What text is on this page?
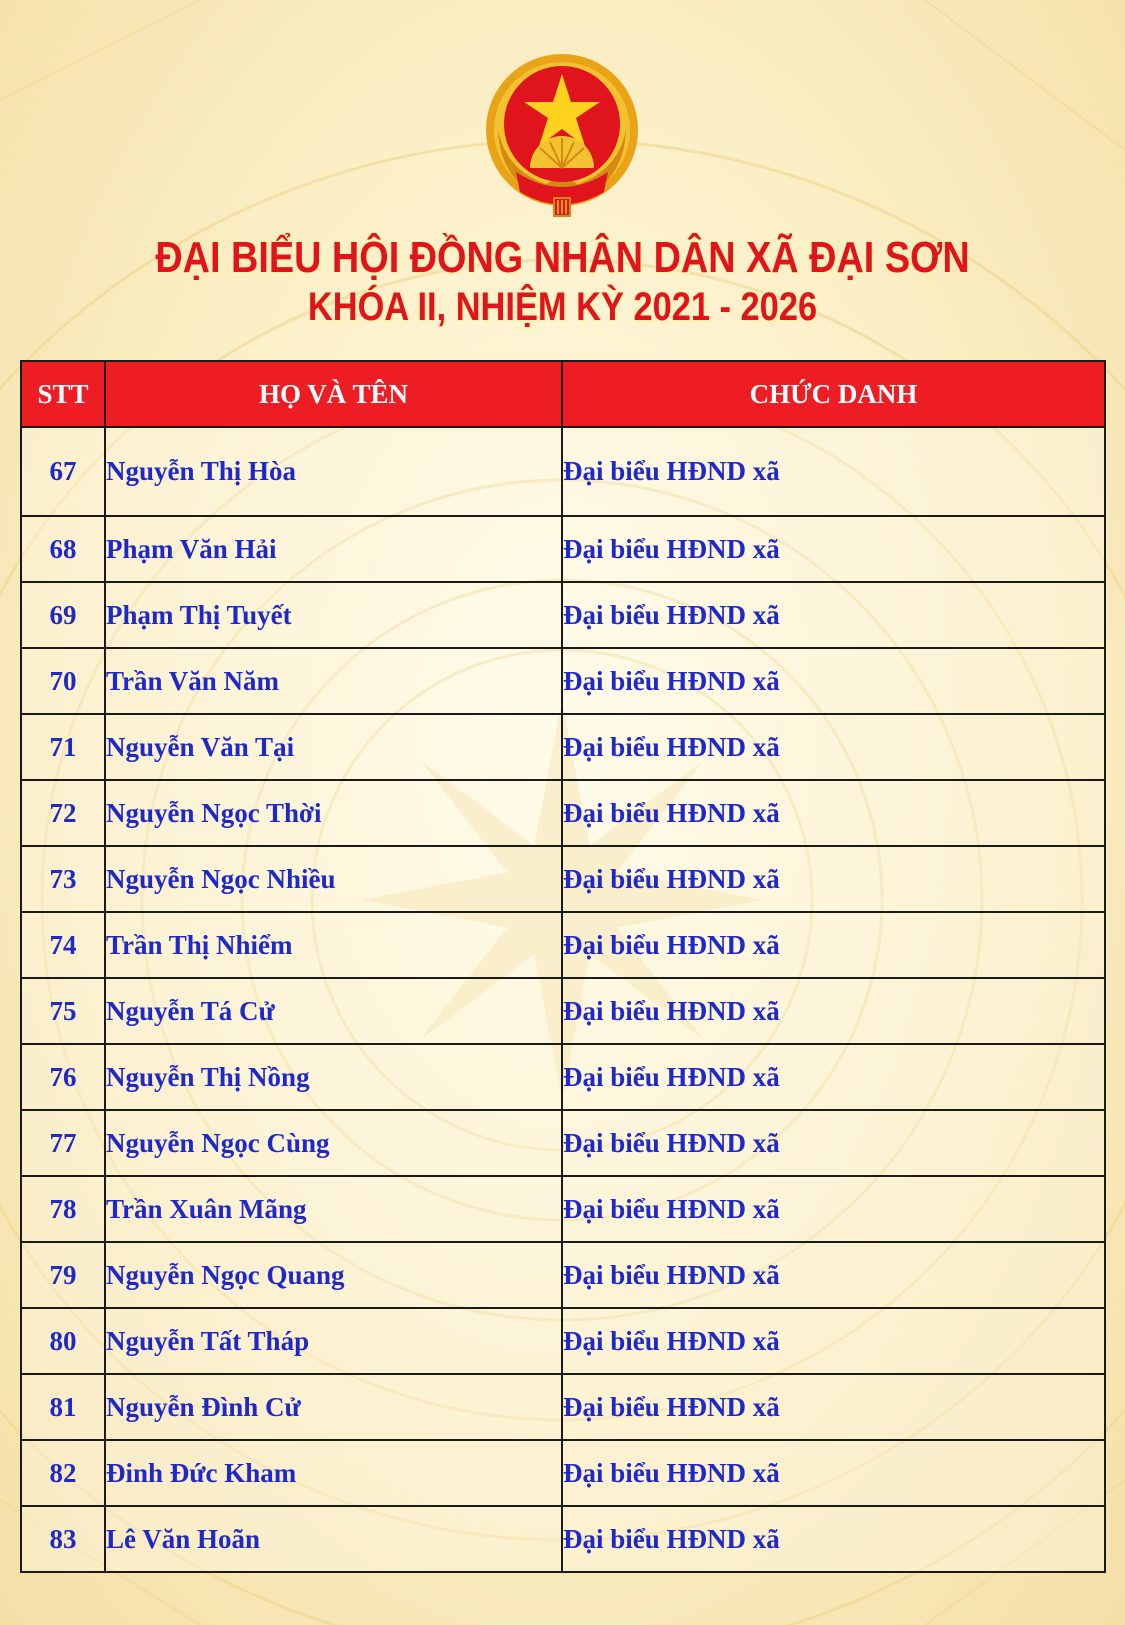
ĐẠI BIỂU HỘI ĐỒNG NHÂN DÂN XÃ ĐẠI SƠN
KHÓA II, NHIỆM KỲ 2021 - 2026
STT	HỌ VÀ TÊN	CHỨC DANH
67	Nguyễn Thị Hòa	Đại biểu HĐND xã
68	Phạm Văn Hải	Đại biểu HĐND xã
69	Phạm Thị Tuyết	Đại biểu HĐND xã
70	Trần Văn Năm	Đại biểu HĐND xã
71	Nguyễn Văn Tại	Đại biểu HĐND xã
72	Nguyễn Ngọc Thời	Đại biểu HĐND xã
73	Nguyễn Ngọc Nhiều	Đại biểu HĐND xã
74	Trần Thị Nhiểm	Đại biểu HĐND xã
75	Nguyễn Tá Cử	Đại biểu HĐND xã
76	Nguyễn Thị Nồng	Đại biểu HĐND xã
77	Nguyễn Ngọc Cùng	Đại biểu HĐND xã
78	Trần Xuân Mãng	Đại biểu HĐND xã
79	Nguyễn Ngọc Quang	Đại biểu HĐND xã
80	Nguyễn Tất Tháp	Đại biểu HĐND xã
81	Nguyễn Đình Cử	Đại biểu HĐND xã
82	Đinh Đức Kham	Đại biểu HĐND xã
83	Lê Văn Hoãn	Đại biểu HĐND xã
